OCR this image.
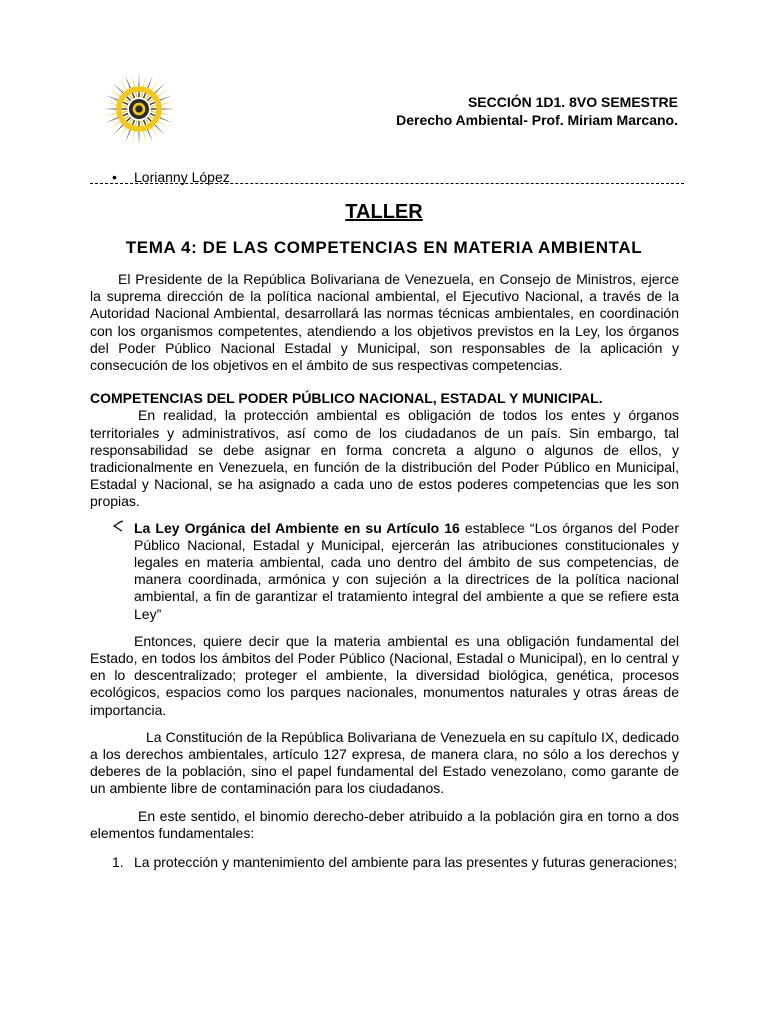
SECCIÓN 1D1. 8VO SEMESTRE
Derecho Ambiental- Prof. Miriam Marcano.
• Lorianny López
TALLER
TEMA 4: DE LAS COMPETENCIAS EN MATERIA AMBIENTAL

El Presidente de la República Bolivariana de Venezuela, en Consejo de Ministros, ejerce la suprema dirección de la política nacional ambiental, el Ejecutivo Nacional, a través de la Autoridad Nacional Ambiental, desarrollará las normas técnicas ambientales, en coordinación con los organismos competentes, atendiendo a los objetivos previstos en la Ley, los órganos del Poder Público Nacional Estadal y Municipal, son responsables de la aplicación y consecución de los objetivos en el ámbito de sus respectivas competencias.

COMPETENCIAS DEL PODER PÚBLICO NACIONAL, ESTADAL Y MUNICIPAL.

En realidad, la protección ambiental es obligación de todos los entes y órganos territoriales y administrativos, así como de los ciudadanos de un país. Sin embargo, tal responsabilidad se debe asignar en forma concreta a alguno o algunos de ellos, y tradicionalmente en Venezuela, en función de la distribución del Poder Público en Municipal, Estadal y Nacional, se ha asignado a cada uno de estos poderes competencias que les son propias.

La Ley Orgánica del Ambiente en su Artículo 16 establece “Los órganos del Poder Público Nacional, Estadal y Municipal, ejercerán las atribuciones constitucionales y legales en materia ambiental, cada uno dentro del ámbito de sus competencias, de manera coordinada, armónica y con sujeción a la directrices de la política nacional ambiental, a fin de garantizar el tratamiento integral del ambiente a que se refiere esta Ley”

Entonces, quiere decir que la materia ambiental es una obligación fundamental del Estado, en todos los ámbitos del Poder Público (Nacional, Estadal o Municipal), en lo central y en lo descentralizado; proteger el ambiente, la diversidad biológica, genética, procesos ecológicos, espacios como los parques nacionales, monumentos naturales y otras áreas de importancia.

La Constitución de la República Bolivariana de Venezuela en su capítulo IX, dedicado a los derechos ambientales, artículo 127 expresa, de manera clara, no sólo a los derechos y deberes de la población, sino el papel fundamental del Estado venezolano, como garante de un ambiente libre de contaminación para los ciudadanos.

En este sentido, el binomio derecho-deber atribuido a la población gira en torno a dos elementos fundamentales:

1. La protección y mantenimiento del ambiente para las presentes y futuras generaciones;
